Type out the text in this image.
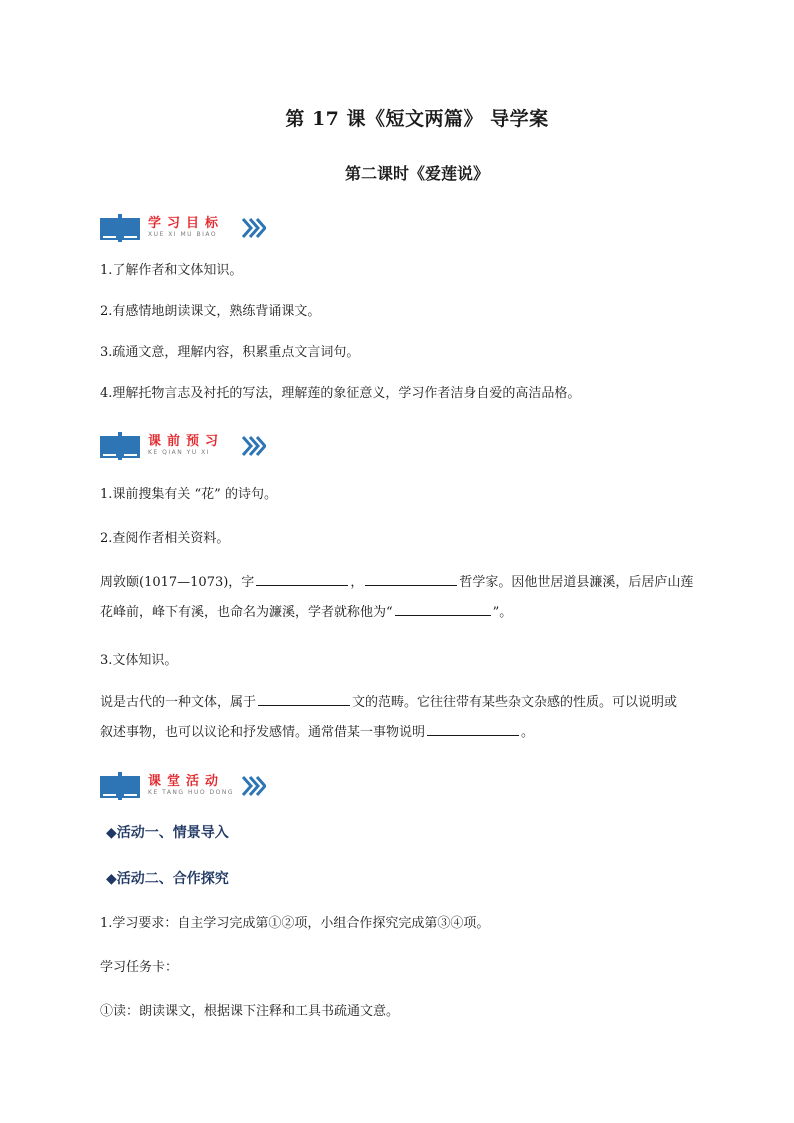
第 17 课《短文两篇》 导学案
第二课时《爱莲说》
学习目标
XUE XI MU BIAO
1.了解作者和文体知识。
2.有感情地朗读课文，熟练背诵课文。
3.疏通文意，理解内容，积累重点文言词句。
4.理解托物言志及衬托的写法，理解莲的象征意义，学习作者洁身自爱的高洁品格。
课前预习
KE QIAN YU XI
1.课前搜集有关 “花” 的诗句。
2.查阅作者相关资料。
周敦颐(1017—1073)，字	，	哲学家。因他世居道县濂溪，后居庐山莲
花峰前，峰下有溪，也命名为濂溪，学者就称他为“	”。
3.文体知识。
说是古代的一种文体，属于	文的范畴。它往往带有某些杂文杂感的性质。可以说明或
叙述事物，也可以议论和抒发感情。通常借某一事物说明	。
课堂活动
KE TANG HUO DONG
◆活动一、情景导入
◆活动二、合作探究
1.学习要求：自主学习完成第①②项，小组合作探究完成第③④项。
学习任务卡：
①读：朗读课文，根据课下注释和工具书疏通文意。
